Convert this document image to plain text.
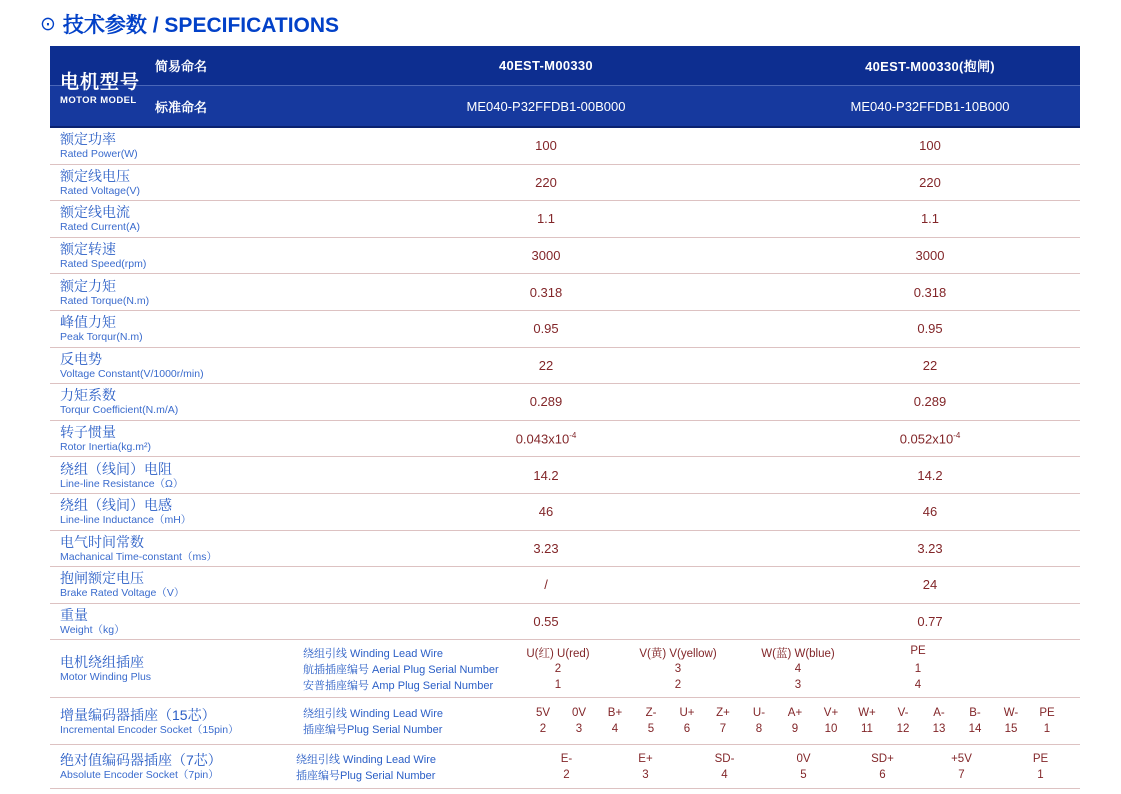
⊙ 技术参数 / SPECIFICATIONS
电机型号
MOTOR MODEL
简易命名	40EST-M00330	40EST-M00330(抱闸)
标准命名	ME040-P32FFDB1-00B000	ME040-P32FFDB1-10B000
额定功率
Rated Power(W)
100	100
额定线电压
Rated Voltage(V)
220	220
额定线电流
Rated Current(A)
1.1	1.1
额定转速
Rated Speed(rpm)
3000	3000
额定力矩
Rated Torque(N.m)
0.318	0.318
峰值力矩
Peak Torqur(N.m)
0.95	0.95
反电势
Voltage Constant(V/1000r/min)
22	22
力矩系数
Torqur Coefficient(N.m/A)
0.289	0.289
转子惯量
Rotor Inertia(kg.m²)
$0.043x10^{-4}$	$0.052x10^{-4}$
绕组（线间）电阻
Line-line Resistance（Ω）
14.2	14.2
绕组（线间）电感
Line-line Inductance（mH）
46	46
电气时间常数
Machanical Time-constant（ms）
3.23	3.23
抱闸额定电压
Brake Rated Voltage（V）
/	24
重量
Weight（kg）
0.55	0.77
电机绕组插座
Motor Winding Plus
绕组引线 Winding Lead Wire	U(红) U(red)	V(黄) V(yellow)	W(蓝) W(blue)	PE
航插插座编号 Aerial Plug Serial Number	2	3	4	1
安普插座编号 Amp Plug Serial Number	1	2	3	4
增量编码器插座（15芯）
Incremental Encoder Socket（15pin）
绕组引线 Winding Lead Wire	5V	0V	B+	Z-	U+	Z+	U-	A+	V+	W+	V-	A-	B-	W-	PE
插座编号Plug Serial Number	2	3	4	5	6	7	8	9	10	11	12	13	14	15	1
绝对值编码器插座（7芯）
Absolute Encoder Socket（7pin）
绕组引线 Winding Lead Wire	E-	E+	SD-	0V	SD+	+5V	PE
插座编号Plug Serial Number	2	3	4	5	6	7	1
